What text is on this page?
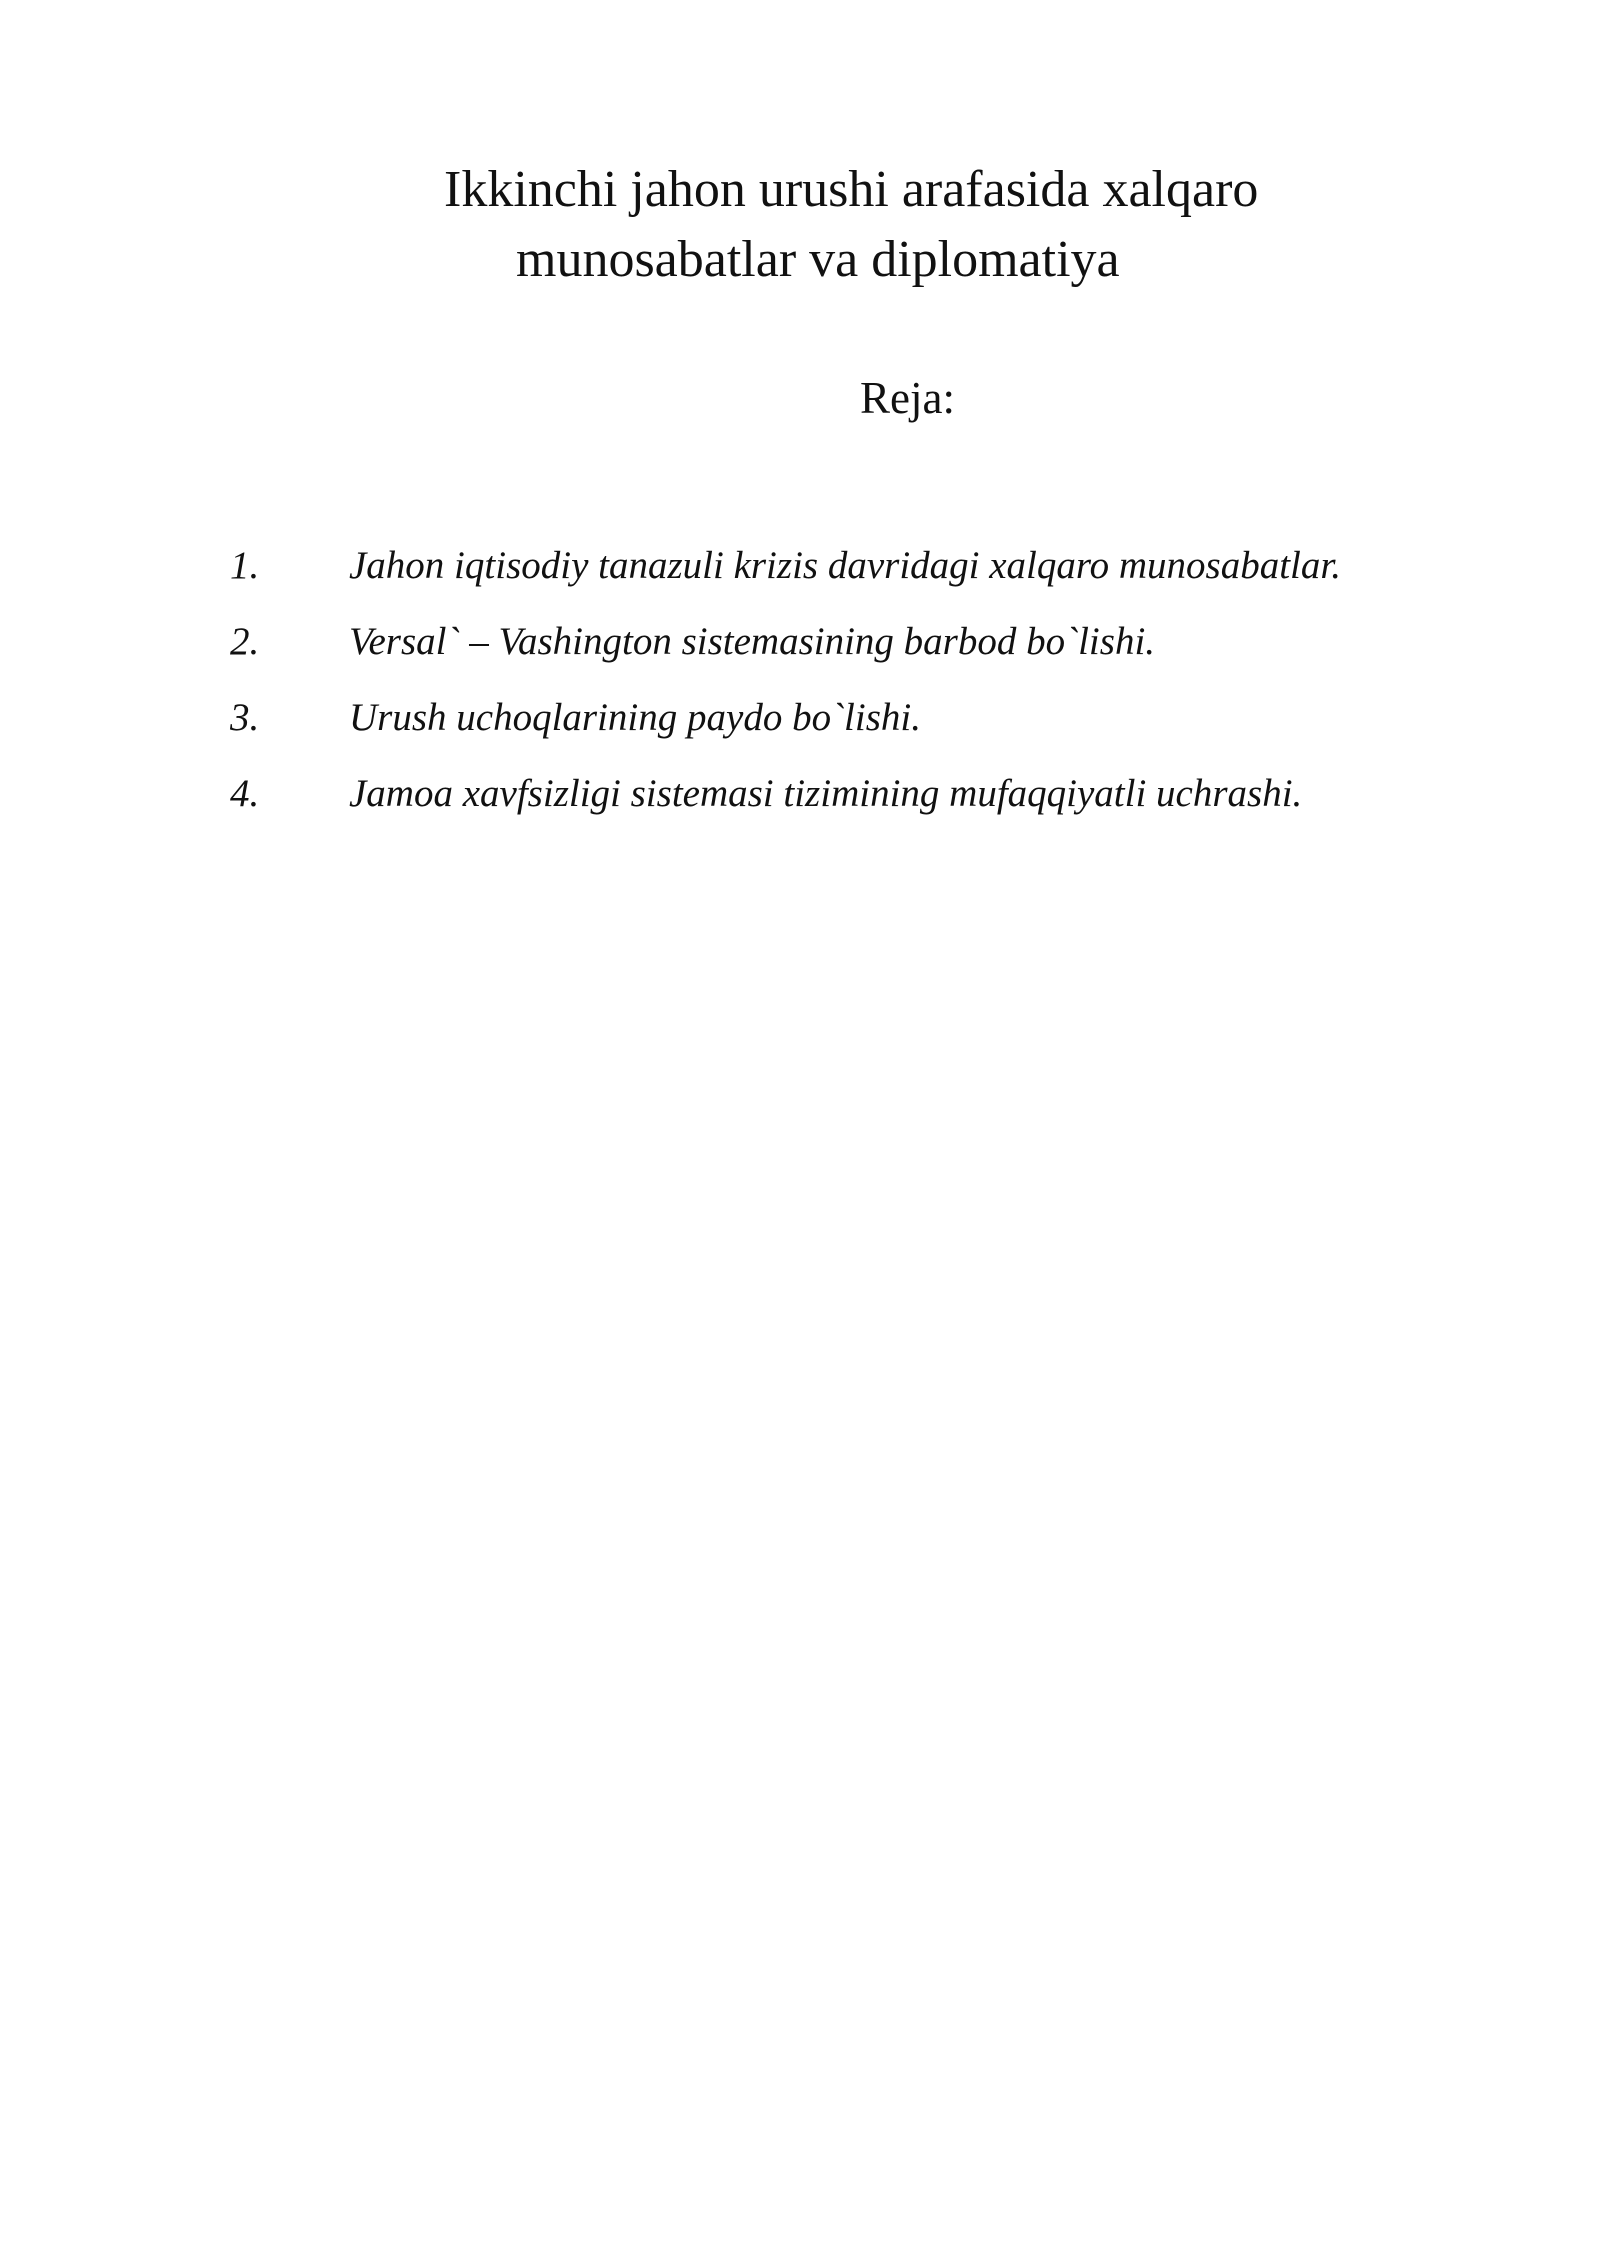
Ikkinchi jahon urushi arafasida xalqaro
munosabatlar va diplomatiya
Reja:
1. Jahon iqtisodiy tanazuli krizis davridagi xalqaro munosabatlar.
2. Versal` – Vashington sistemasining barbod bo`lishi.
3. Urush uchoqlarining paydo bo`lishi.
4. Jamoa xavfsizligi sistemasi tizimining mufaqqiyatli uchrashi.
